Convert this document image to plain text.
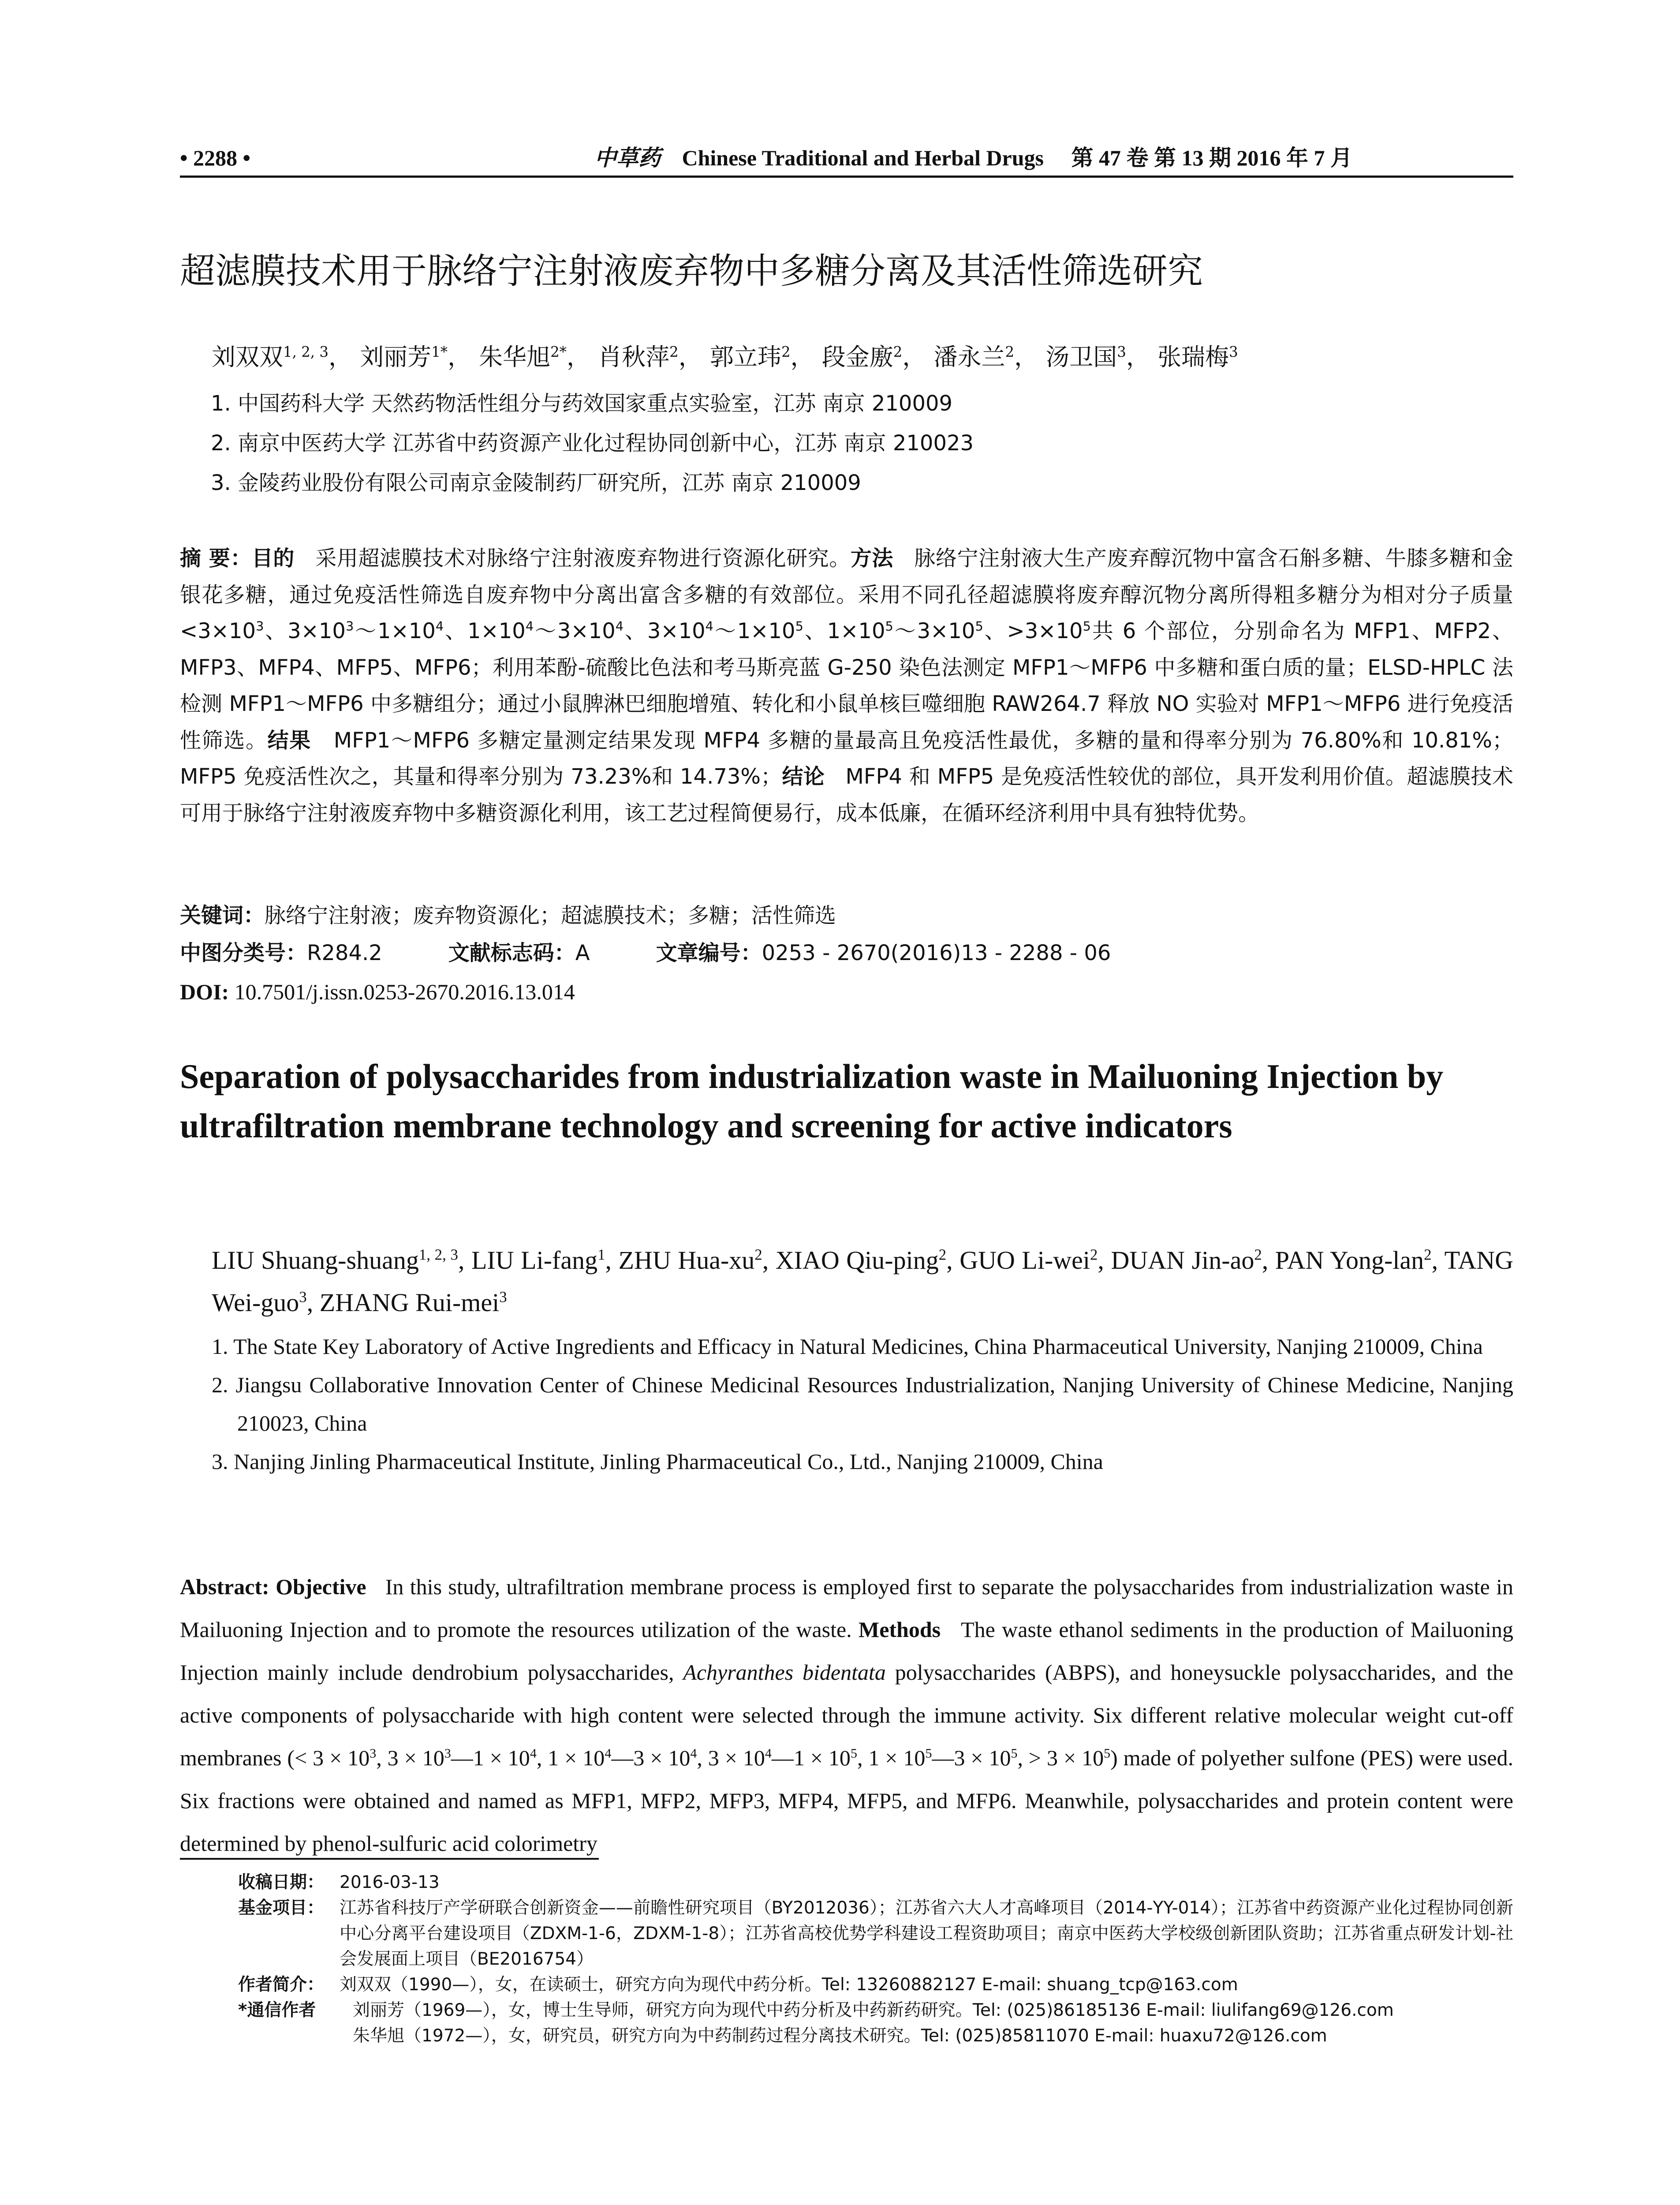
• 2288 •	中草药 Chinese Traditional and Herbal Drugs 第 47 卷 第 13 期 2016 年 7 月
超滤膜技术用于脉络宁注射液废弃物中多糖分离及其活性筛选研究
刘双双$^{1, 2, 3}$， 刘丽芳$^{1*}$， 朱华旭$^{2*}$， 肖秋萍$^2$， 郭立玮$^2$， 段金廒$^2$， 潘永兰$^2$， 汤卫国$^3$， 张瑞梅$^3$
1. 中国药科大学 天然药物活性组分与药效国家重点实验室，江苏 南京 210009
2. 南京中医药大学 江苏省中药资源产业化过程协同创新中心，江苏 南京 210023
3. 金陵药业股份有限公司南京金陵制药厂研究所，江苏 南京 210009
摘 要：目的 采用超滤膜技术对脉络宁注射液废弃物进行资源化研究。方法 脉络宁注射液大生产废弃醇沉物中富含石斛多糖、牛膝多糖和金银花多糖，通过免疫活性筛选自废弃物中分离出富含多糖的有效部位。采用不同孔径超滤膜将废弃醇沉物分离所得粗多糖分为相对分子质量$<3\times 10^3$、$3\times 10^3\sim 1\times 10^4$、$1\times 10^4\sim 3\times 10^4$、$3\times 10^4\sim 1\times 10^5$、$1\times 10^5\sim 3\times 10^5$、$>3\times 10^5$共 6 个部位，分别命名为 MFP1、MFP2、MFP3、MFP4、MFP5、MFP6；利用苯酚-硫酸比色法和考马斯亮蓝 G-250 染色法测定 MFP1～MFP6 中多糖和蛋白质的量；ELSD-HPLC 法检测 MFP1～MFP6 中多糖组分；通过小鼠脾淋巴细胞增殖、转化和小鼠单核巨噬细胞 RAW264.7 释放 NO 实验对 MFP1～MFP6 进行免疫活性筛选。结果 MFP1～MFP6 多糖定量测定结果发现 MFP4 多糖的量最高且免疫活性最优，多糖的量和得率分别为 76.80%和 10.81%；MFP5 免疫活性次之，其量和得率分别为 73.23%和 14.73%；结论 MFP4 和 MFP5 是免疫活性较优的部位，具开发利用价值。超滤膜技术可用于脉络宁注射液废弃物中多糖资源化利用，该工艺过程简便易行，成本低廉，在循环经济利用中具有独特优势。
关键词：脉络宁注射液；废弃物资源化；超滤膜技术；多糖；活性筛选
中图分类号：R284.2	文献标志码：A	文章编号：0253 - 2670(2016)13 - 2288 - 06
DOI: 10.7501/j.issn.0253-2670.2016.13.014
Separation of polysaccharides from industrialization waste in Mailuoning Injection by ultrafiltration membrane technology and screening for active indicators
LIU Shuang-shuang$^{1, 2, 3}$, LIU Li-fang$^1$, ZHU Hua-$xu^2$, XIAO Qiu-ping$^2$, GUO Li-wei$^2$, DUAN Jin-$ao^2$, PAN Yong-lan$^2$, TANG Wei-guo$^3$, ZHANG Rui-mei$^3$
1. The State Key Laboratory of Active Ingredients and Efficacy in Natural Medicines, China Pharmaceutical University, Nanjing 210009, China
2. Jiangsu Collaborative Innovation Center of Chinese Medicinal Resources Industrialization, Nanjing University of Chinese Medicine, Nanjing 210023, China
3. Nanjing Jinling Pharmaceutical Institute, Jinling Pharmaceutical Co., Ltd., Nanjing 210009, China
Abstract: Objective In this study, ultrafiltration membrane process is employed first to separate the polysaccharides from industrialization waste in Mailuoning Injection and to promote the resources utilization of the waste. Methods The waste ethanol sediments in the production of Mailuoning Injection mainly include dendrobium polysaccharides, Achyranthes bidentata polysaccharides (ABPS), and honeysuckle polysaccharides, and the active components of polysaccharide with high content were selected through the immune activity. Six different relative molecular weight cut-off membranes (< $3 \times 10^3$, $3 \times 10^3—1 \times 10^4$, $1 \times 10^4—3 \times 10^4$, $3 \times 10^4—1 \times 10^5$, $1 \times 10^5—3 \times 10^5$, > $3 \times 10^5$) made of polyether sulfone (PES) were used. Six fractions were obtained and named as MFP1, MFP2, MFP3, MFP4, MFP5, and MFP6. Meanwhile, polysaccharides and protein content were determined by phenol-sulfuric acid colorimetry
收稿日期： 2016-03-13
基金项目： 江苏省科技厅产学研联合创新资金——前瞻性研究项目（BY2012036）；江苏省六大人才高峰项目（2014-YY-014）；江苏省中药资源产业化过程协同创新中心分离平台建设项目（ZDXM-1-6，ZDXM-1-8）；江苏省高校优势学科建设工程资助项目；南京中医药大学校级创新团队资助；江苏省重点研发计划-社会发展面上项目（BE2016754）
作者简介： 刘双双（1990—），女，在读硕士，研究方向为现代中药分析。Tel: 13260882127 E-mail: shuang_tcp@163.com
*通信作者 刘丽芳（1969—），女，博士生导师，研究方向为现代中药分析及中药新药研究。Tel: (025)86185136 E-mail: liulifang69@126.com
朱华旭（1972—），女，研究员，研究方向为中药制药过程分离技术研究。Tel: (025)85811070 E-mail: huaxu72@126.com
